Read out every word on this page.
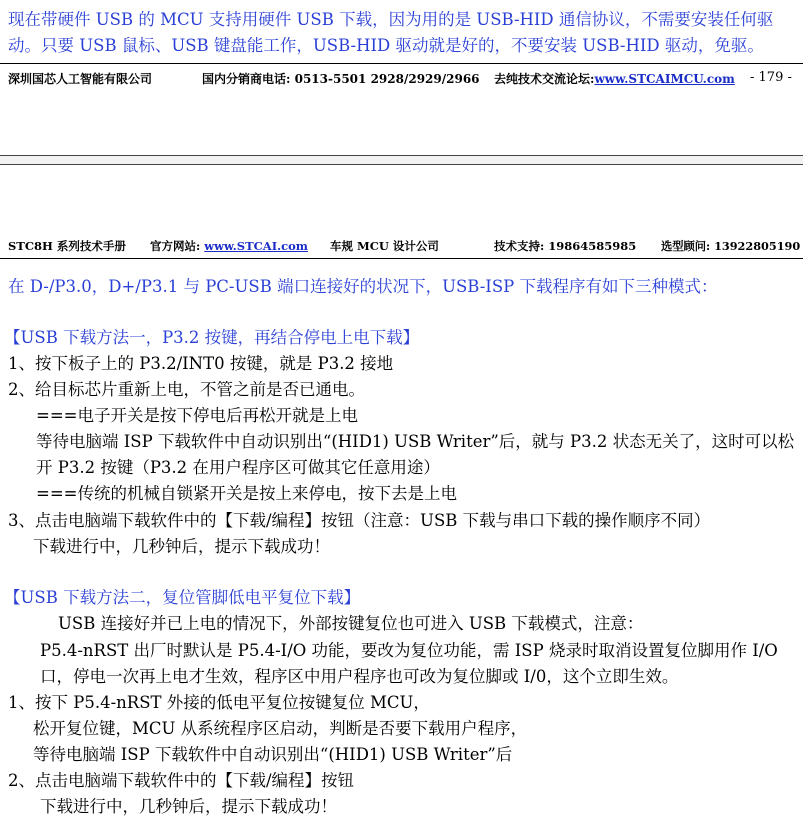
现在带硬件 USB 的 MCU 支持用硬件 USB 下载，因为用的是 USB-HID 通信协议，不需要安装任何驱
动。只要 USB 鼠标、USB 键盘能工作，USB-HID 驱动就是好的，不要安装 USB-HID 驱动，免驱。
深圳国芯人工智能有限公司	国内分销商电话: 0513-5501 2928/2929/2966 去纯技术交流论坛:www.STCAIMCU.com - 179 -
STC8H 系列技术手册 官方网站: www.STCAI.com 车规 MCU 设计公司	技术支持: 19864585985 选型顾问: 13922805190
在 D-/P3.0，D+/P3.1 与 PC-USB 端口连接好的状况下，USB-ISP 下载程序有如下三种模式：
【USB 下载方法一，P3.2 按键，再结合停电上电下载】
1、按下板子上的 P3.2/INT0 按键，就是 P3.2 接地
2、给目标芯片重新上电，不管之前是否已通电。
===电子开关是按下停电后再松开就是上电
等待电脑端 ISP 下载软件中自动识别出“(HID1) USB Writer”后，就与 P3.2 状态无关了，这时可以松
开 P3.2 按键（P3.2 在用户程序区可做其它任意用途）
===传统的机械自锁紧开关是按上来停电，按下去是上电
3、点击电脑端下载软件中的【下载/编程】按钮（注意：USB 下载与串口下载的操作顺序不同）
下载进行中，几秒钟后，提示下载成功！
【USB 下载方法二，复位管脚低电平复位下载】
USB 连接好并已上电的情况下，外部按键复位也可进入 USB 下载模式，注意：
P5.4-nRST 出厂时默认是 P5.4-I/O 功能，要改为复位功能，需 ISP 烧录时取消设置复位脚用作 I/O
口，停电一次再上电才生效，程序区中用户程序也可改为复位脚或 I/0，这个立即生效。
1、按下 P5.4-nRST 外接的低电平复位按键复位 MCU，
松开复位键，MCU 从系统程序区启动，判断是否要下载用户程序，
等待电脑端 ISP 下载软件中自动识别出“(HID1) USB Writer”后
2、点击电脑端下载软件中的【下载/编程】按钮
下载进行中，几秒钟后，提示下载成功！
